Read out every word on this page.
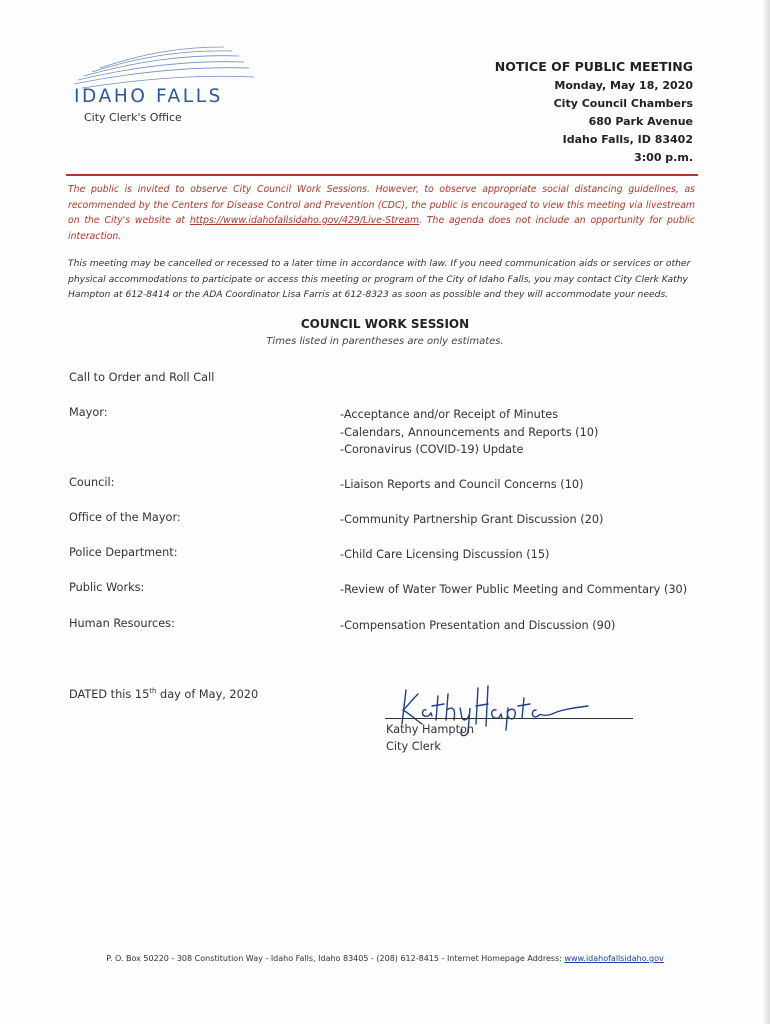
IDAHO FALLS
City Clerk's Office
NOTICE OF PUBLIC MEETING
Monday, May 18, 2020
City Council Chambers
680 Park Avenue
Idaho Falls, ID 83402
3:00 p.m.
The public is invited to observe City Council Work Sessions. However, to observe appropriate social distancing guidelines, as recommended by the Centers for Disease Control and Prevention (CDC), the public is encouraged to view this meeting via livestream on the City's website at https://www.idahofallsidaho.gov/429/Live-Stream. The agenda does not include an opportunity for public interaction.
This meeting may be cancelled or recessed to a later time in accordance with law. If you need communication aids or services or other physical accommodations to participate or access this meeting or program of the City of Idaho Falls, you may contact City Clerk Kathy Hampton at 612-8414 or the ADA Coordinator Lisa Farris at 612-8323 as soon as possible and they will accommodate your needs.
COUNCIL WORK SESSION
Times listed in parentheses are only estimates.
Call to Order and Roll Call
Mayor:	-Acceptance and/or Receipt of Minutes
-Calendars, Announcements and Reports (10)
-Coronavirus (COVID-19) Update
Council:	-Liaison Reports and Council Concerns (10)
Office of the Mayor:	-Community Partnership Grant Discussion (20)
Police Department:	-Child Care Licensing Discussion (15)
Public Works:	-Review of Water Tower Public Meeting and Commentary (30)
Human Resources:	-Compensation Presentation and Discussion (90)
DATED this 15th day of May, 2020
Kathy Hampton
City Clerk
P. O. Box 50220 - 308 Constitution Way - Idaho Falls, Idaho 83405 - (208) 612-8415 - Internet Homepage Address: www.idahofallsidaho.gov
